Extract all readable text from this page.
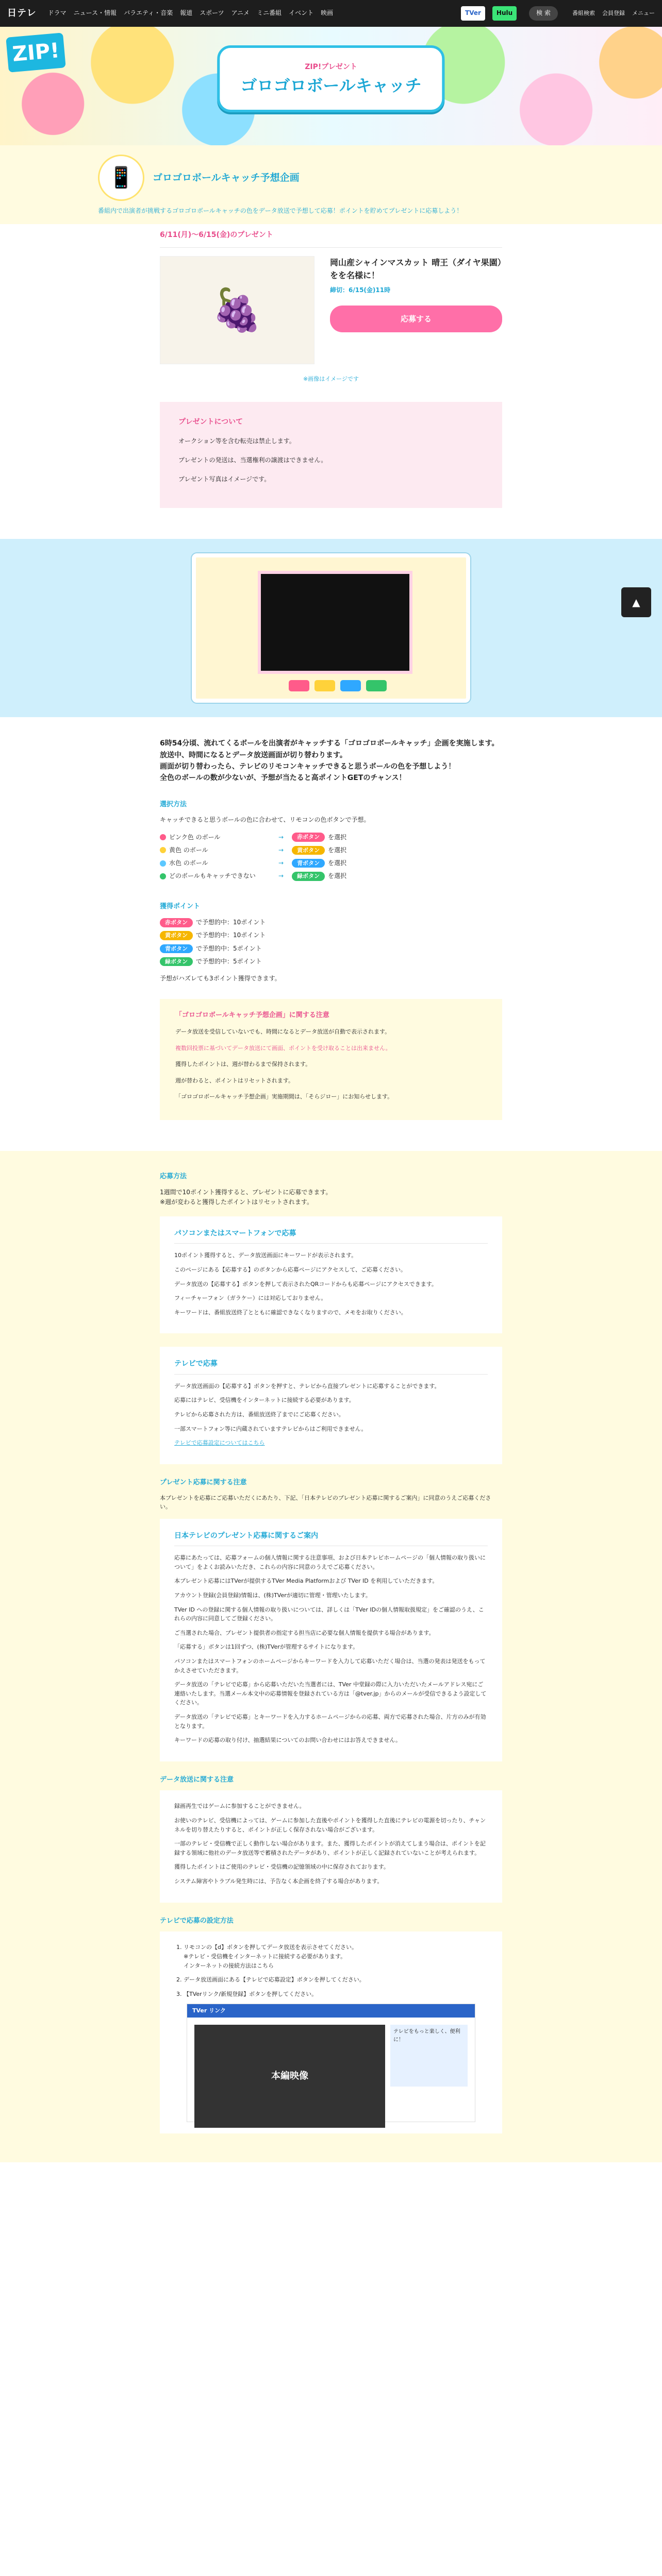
日テレ ドラマ ニュース・情報 バラエティ・音楽 報道 スポーツ アニメ ミニ番組 イベント 映画	TVer	Hulu	検 索	番組検索 会員登録 メニュー
ZIP!
ZIP!プレゼント
ゴロゴロボールキャッチ
📱	ゴロゴロボールキャッチ予想企画

番組内で出演者が挑戦するゴロゴロボールキャッチの色をデータ放送で予想して応募！ポイントを貯めてプレゼントに応募しよう！

6/11(月)〜6/15(金)のプレゼント
🍇
岡山産シャインマスカット 晴王（ダイヤ果園）をを名様に！
締切：6/15(金)11時
応募する
※画像はイメージです
プレゼントについて
オークション等を含む転売は禁止します。
プレゼントの発送は、当選権利の譲渡はできません。
プレゼント写真はイメージです。

6時54分頃、流れてくるボールを出演者がキャッチする「ゴロゴロボールキャッチ」企画を実施します。
放送中、時間になるとデータ放送画面が切り替わります。
画面が切り替わったら、テレビのリモコンキャッチできると思うボールの色を予想しよう！
全色のボールの数が少ないが、予想が当たると高ポイントGETのチャンス！

選択方法

キャッチできると思うボールの色に合わせて、リモコンの色ボタンで予想。

ピンク色 のボール	→	赤ボタン	を選択
黄色 のボール	→	黄ボタン	を選択
水色 のボール	→	青ボタン	を選択
どのボールもキャッチできない	→	緑ボタン	を選択
獲得ポイント
赤ボタン で予想的中：10ポイント
黄ボタン で予想的中：10ポイント
青ボタン で予想的中：5ポイント
緑ボタン で予想的中：5ポイント

予想がハズレても3ポイント獲得できます。

「ゴロゴロボールキャッチ予想企画」に関する注意
データ放送を受信していないでも、時間になるとデータ放送が自動で表示されます。
複数回投票に基づいてデータ放送にて画面、ポイントを受け取ることは出来ません。
獲得したポイントは、週が替わるまで保持されます。
週が替わると、ポイントはリセットされます。
「ゴロゴロボールキャッチ予想企画」実施期間は、「そらジロー」にお知らせします。
応募方法

1週間で10ポイント獲得すると、プレゼントに応募できます。
※週が変わると獲得したポイントはリセットされます。

パソコンまたはスマートフォンで応募
10ポイント獲得すると、データ放送画面にキーワードが表示されます。
このページにある【応募する】のボタンから応募ページにアクセスして、ご応募ください。
データ放送の【応募する】ボタンを押して表示されたQRコードからも応募ページにアクセスできます。
フィーチャーフォン（ガラケー）には対応しておりません。
キーワードは、番組放送終了とともに確認できなくなりますので、メモをお取りください。
テレビで応募
データ放送画面の【応募する】ボタンを押すと、テレビから直接プレゼントに応募することができます。
応募にはテレビ、受信機をインターネットに接続する必要があります。
テレビから応募された方は、番組放送終了までにご応募ください。
一部スマートフォン等に内蔵されていますテレビからはご利用できません。
テレビで応募設定についてはこちら
プレゼント応募に関する注意

本プレゼントを応募にご応募いただくにあたり、下記、「日本テレビのプレゼント応募に関するご案内」に同意のうえご応募ください。

日本テレビのプレゼント応募に関するご案内
応募にあたっては、応募フォームの個人情報に関する注意事項、および日本テレビホームページの「個人情報の取り扱いについて」をよくお読みいただき、これらの内容に同意のうえでご応募ください。
本プレゼント応募にはTVerが提供するTVer Media Platformおよび TVer ID を利用していただきます。
アカウント登録(会員登録)情報は、(株)TVerが適切に管理・管理いたします。
TVer ID への登録に関する個人情報の取り扱いについては、詳しくは「TVer IDの個人情報取扱規定」をご確認のうえ、これらの内容に同意してご登録ください。
ご当選された場合、プレゼント提供者の指定する担当店に必要な個人情報を提供する場合があります。
「応募する」ボタンは1回ずつ、(株)TVerが管理するサイトになります。
パソコンまたはスマートフォンのホームページからキーワードを入力して応募いただく場合は、当選の発表は発送をもってかえさせていただきます。
データ放送の「テレビで応募」から応募いただいた当選者には、TVer 中堂録の際に入力いただいたメールアドレス宛にご連絡いたします。当選メール本文中の応募情報を登録されている方は「@tver.jp」からのメールが受信できるよう設定してください。
データ放送の「テレビで応募」とキーワードを入力するホームページからの応募、両方で応募された場合、片方のみが有効となります。
キーワードの応募の取り付け、抽選結果についてのお問い合わせにはお答えできません。
データ放送に関する注意
録画再生ではゲームに参加することができません。
お使いのテレビ、受信機によっては、ゲームに参加した直後やポイントを獲得した直後にテレビの電源を切ったり、チャンネルを切り替えたりすると、ポイントが正しく保存されない場合がございます。
一部のテレビ・受信機で正しく動作しない場合があります。また、獲得したポイントが消えてしまう場合は、ポイントを記録する領域に他社のデータ放送等で蓄積されたデータがあり、ポイントが正しく記録されていないことが考えられます。
獲得したポイントはご使用のテレビ・受信機の記憶領域の中に保存されております。
システム障害やトラブル発生時には、予告なく本企画を終了する場合があります。
テレビで応募の設定方法
1. リモコンの【d】ボタンを押してデータ放送を表示させてください。
※テレビ・受信機をインターネットに接続する必要があります。
インターネットの接続方法はこちら
2. データ放送画面にある【テレビで応募設定】ボタンを押してください。
3. 【TVerリンク/新規登録】ボタンを押してください。
TVer リンク
本編映像
テレビをもっと楽しく、便利に！
▲
